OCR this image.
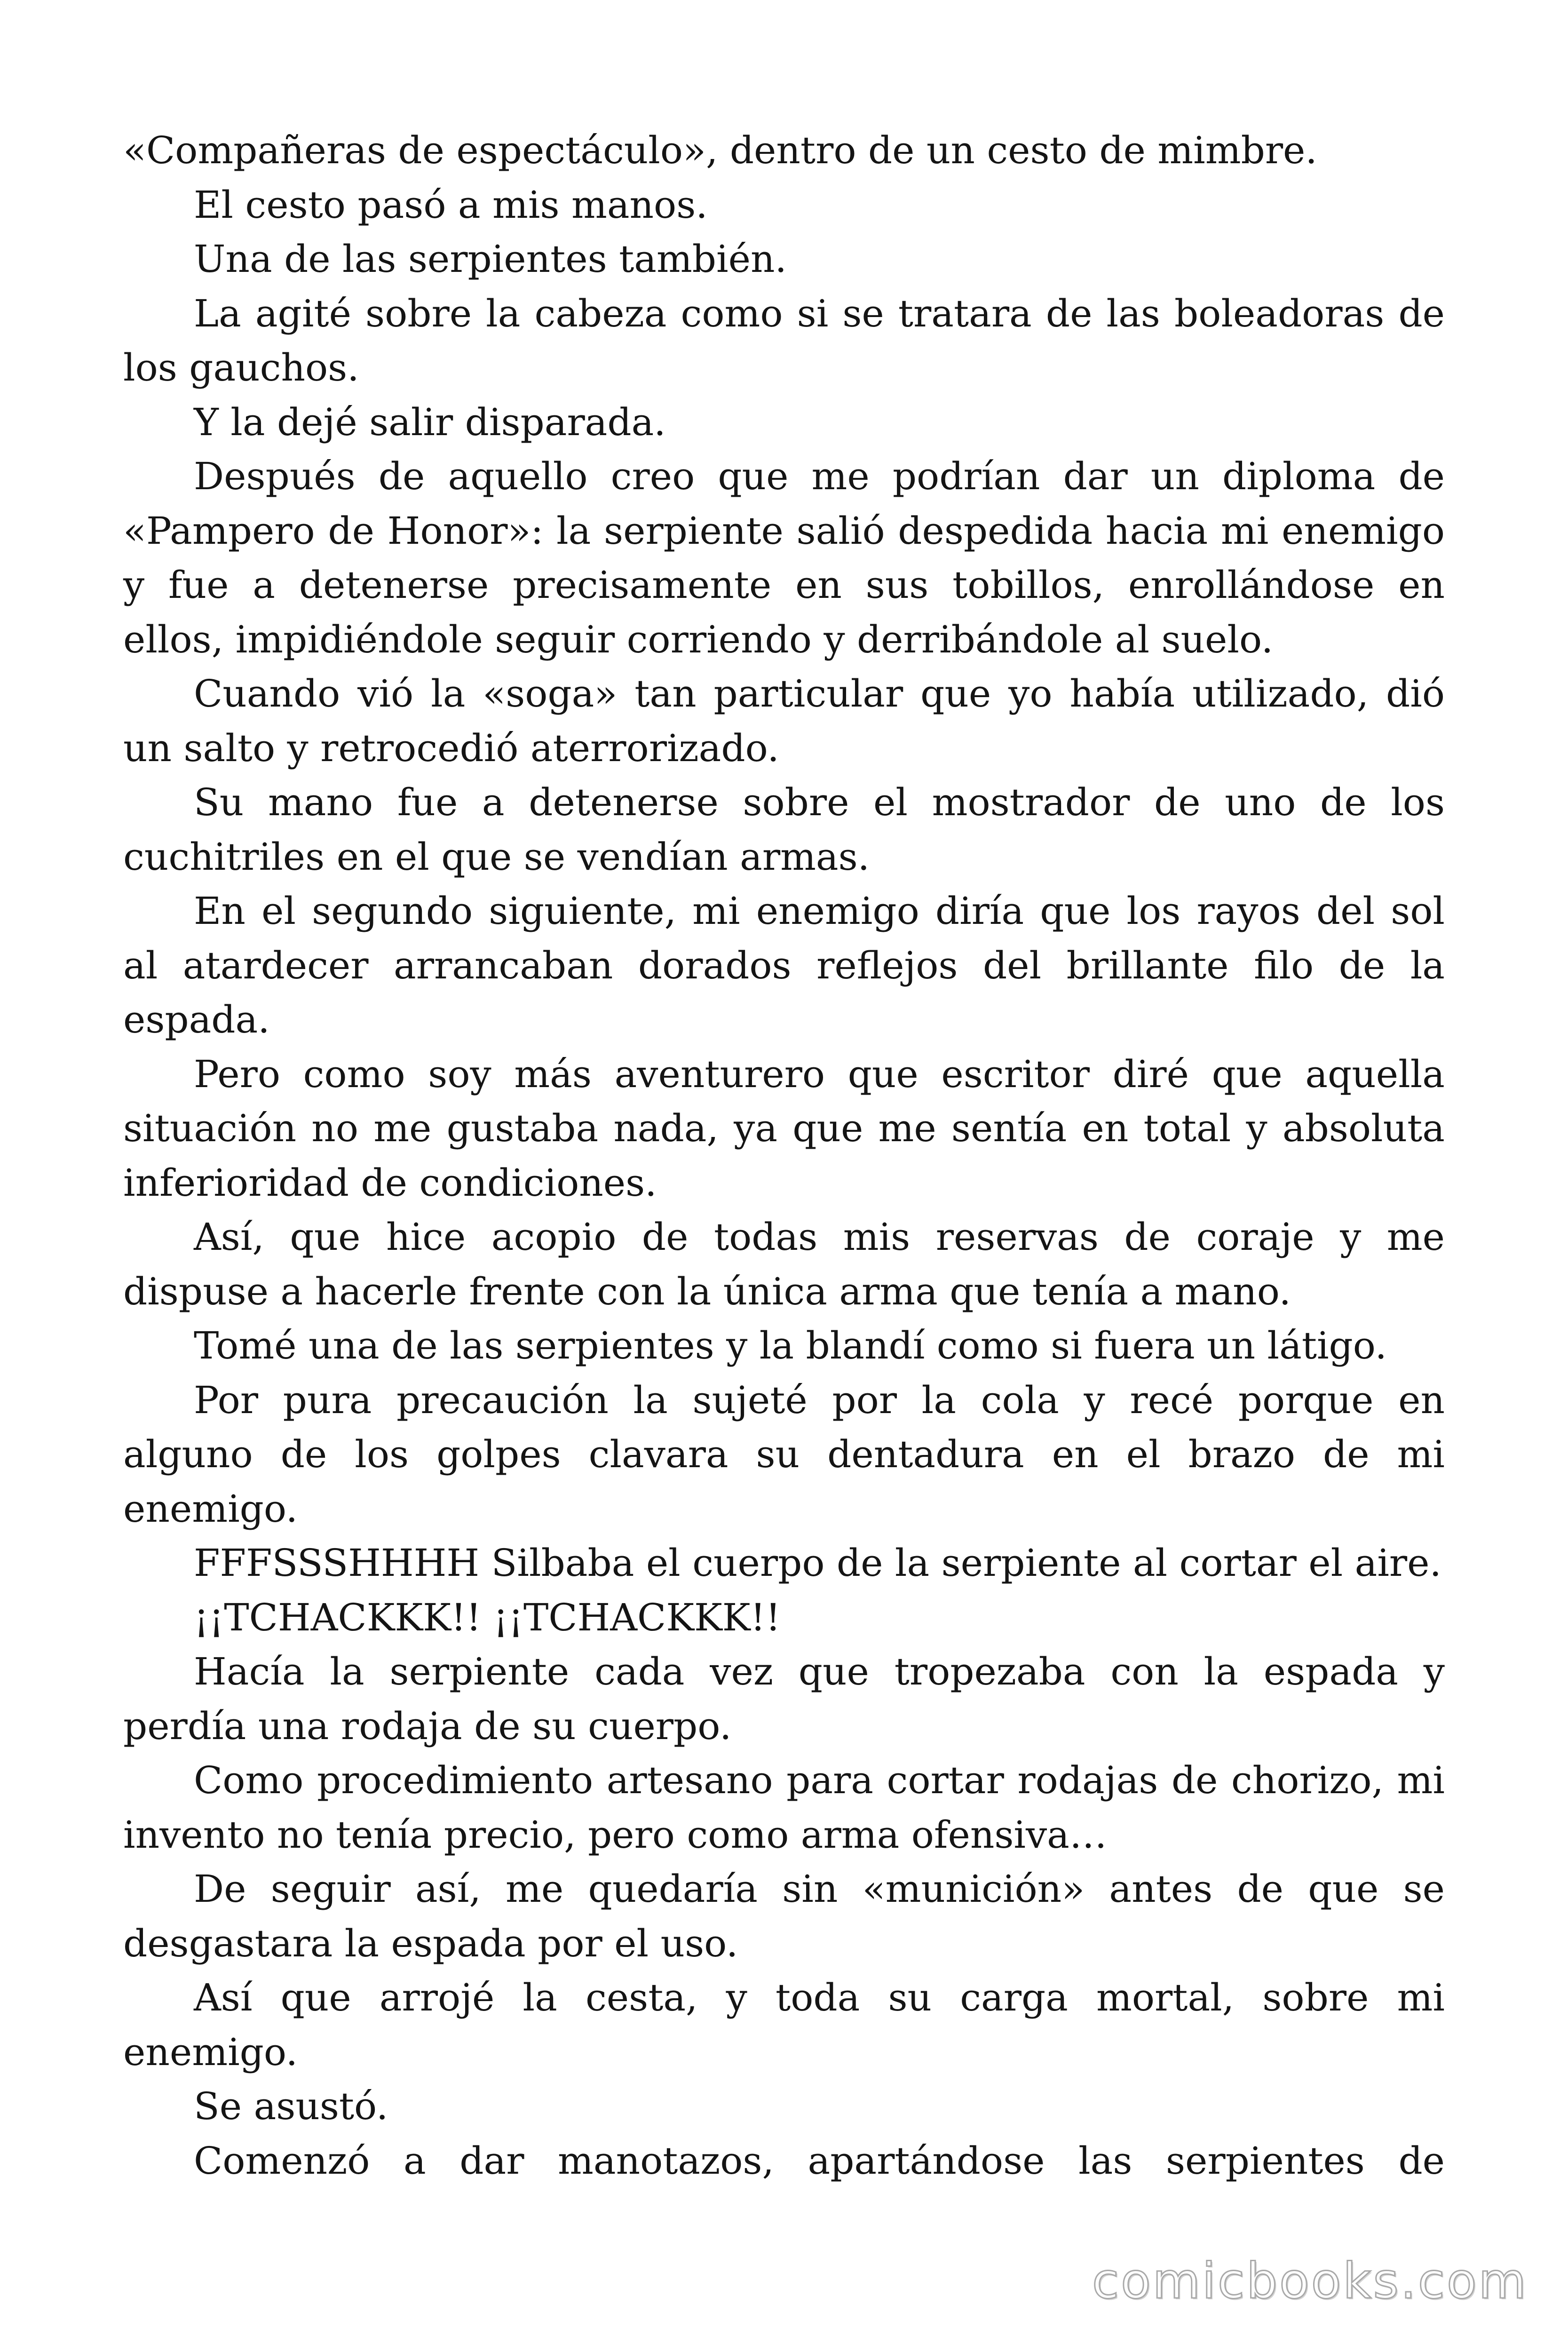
«Compañeras de espectáculo», dentro de un cesto de mimbre.

El cesto pasó a mis manos.

Una de las serpientes también.

La agité sobre la cabeza como si se tratara de las boleadoras de los gauchos.

Y la dejé salir disparada.

Después de aquello creo que me podrían dar un diploma de «Pampero de Honor»: la serpiente salió despedida hacia mi enemigo y fue a detenerse precisamente en sus tobillos, enrollándose en ellos, impidiéndole seguir corriendo y derribándole al suelo.

Cuando vió la «soga» tan particular que yo había utilizado, dió un salto y retrocedió aterrorizado.

Su mano fue a detenerse sobre el mostrador de uno de los cuchitriles en el que se vendían armas.

En el segundo siguiente, mi enemigo diría que los rayos del sol al atardecer arrancaban dorados reflejos del brillante filo de la espada.

Pero como soy más aventurero que escritor diré que aquella situación no me gustaba nada, ya que me sentía en total y absoluta inferioridad de condiciones.

Así, que hice acopio de todas mis reservas de coraje y me dispuse a hacerle frente con la única arma que tenía a mano.

Tomé una de las serpientes y la blandí como si fuera un látigo.

Por pura precaución la sujeté por la cola y recé porque en alguno de los golpes clavara su dentadura en el brazo de mi enemigo.

FFFSSSHHHH Silbaba el cuerpo de la serpiente al cortar el aire.

¡¡TCHACKKK!! ¡¡TCHACKKK!!

Hacía la serpiente cada vez que tropezaba con la espada y perdía una rodaja de su cuerpo.

Como procedimiento artesano para cortar rodajas de chorizo, mi invento no tenía precio, pero como arma ofensiva…

De seguir así, me quedaría sin «munición» antes de que se desgastara la espada por el uso.

Así que arrojé la cesta, y toda su carga mortal, sobre mi enemigo.

Se asustó.

Comenzó a dar manotazos, apartándose las serpientes de

comicbooks.com
